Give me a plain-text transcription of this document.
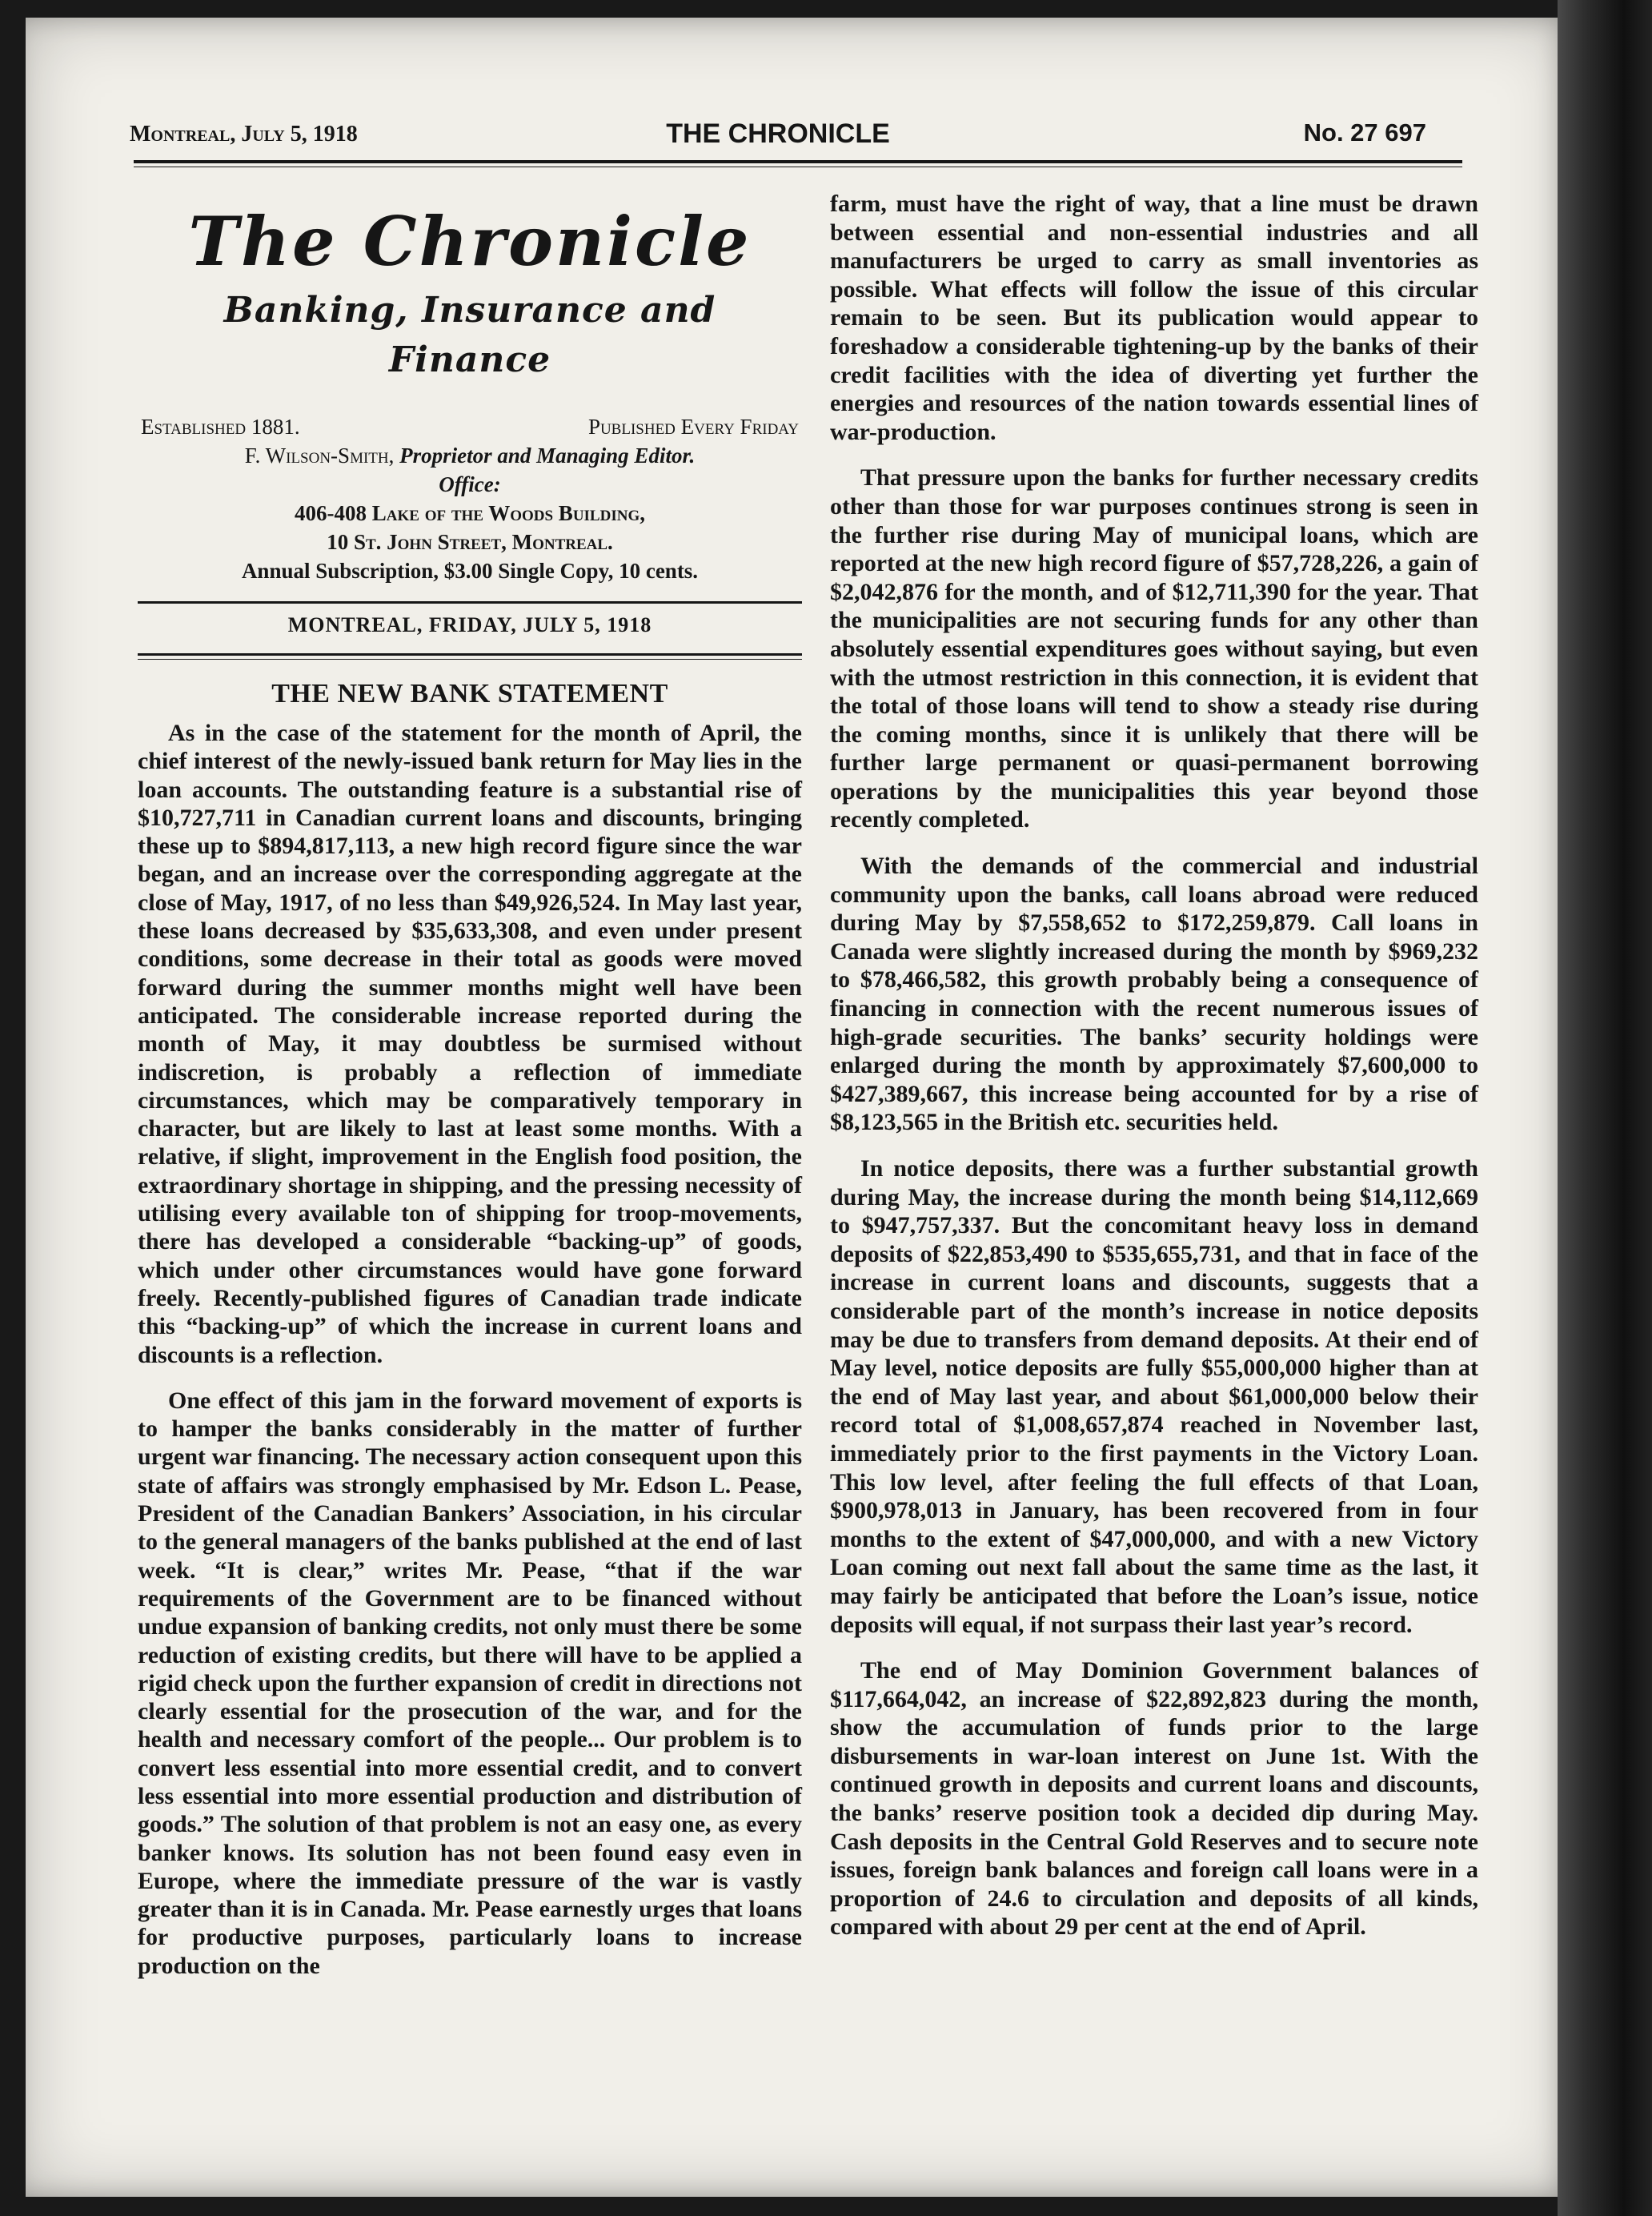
Montreal, July 5, 1918	THE CHRONICLE	No. 27 697
The Chronicle
Banking, Insurance and Finance
Established 1881.	Published Every Friday
F. Wilson-Smith, Proprietor and Managing Editor.
Office:
406-408 Lake of the Woods Building,
10 St. John Street, Montreal.
Annual Subscription, $3.00 Single Copy, 10 cents.
MONTREAL, FRIDAY, JULY 5, 1918
THE NEW BANK STATEMENT

As in the case of the statement for the month of April, the chief interest of the newly-issued bank return for May lies in the loan accounts. The outstanding feature is a substantial rise of $10,727,711 in Canadian current loans and discounts, bringing these up to $894,817,113, a new high record figure since the war began, and an increase over the corresponding aggregate at the close of May, 1917, of no less than $49,926,524. In May last year, these loans decreased by $35,633,308, and even under present conditions, some decrease in their total as goods were moved forward during the summer months might well have been anticipated. The considerable increase reported during the month of May, it may doubtless be surmised without indiscretion, is probably a reflection of immediate circumstances, which may be comparatively temporary in character, but are likely to last at least some months. With a relative, if slight, improvement in the English food position, the extraordinary shortage in shipping, and the pressing necessity of utilising every available ton of shipping for troop-movements, there has developed a considerable “backing-up” of goods, which under other circumstances would have gone forward freely. Recently-published figures of Canadian trade indicate this “backing-up” of which the increase in current loans and discounts is a reflection.

One effect of this jam in the forward movement of exports is to hamper the banks considerably in the matter of further urgent war financing. The necessary action consequent upon this state of affairs was strongly emphasised by Mr. Edson L. Pease, President of the Canadian Bankers’ Association, in his circular to the general managers of the banks published at the end of last week. “It is clear,” writes Mr. Pease, “that if the war requirements of the Government are to be financed without undue expansion of banking credits, not only must there be some reduction of existing credits, but there will have to be applied a rigid check upon the further expansion of credit in directions not clearly essential for the prosecution of the war, and for the health and necessary comfort of the people... Our problem is to convert less essential into more essential credit, and to convert less essential into more essential production and distribution of goods.” The solution of that problem is not an easy one, as every banker knows. Its solution has not been found easy even in Europe, where the immediate pressure of the war is vastly greater than it is in Canada. Mr. Pease earnestly urges that loans for productive purposes, particularly loans to increase production on the

farm, must have the right of way, that a line must be drawn between essential and non-essential industries and all manufacturers be urged to carry as small inventories as possible. What effects will follow the issue of this circular remain to be seen. But its publication would appear to foreshadow a considerable tightening-up by the banks of their credit facilities with the idea of diverting yet further the energies and resources of the nation towards essential lines of war-production.

That pressure upon the banks for further necessary credits other than those for war purposes continues strong is seen in the further rise during May of municipal loans, which are reported at the new high record figure of $57,728,226, a gain of $2,042,876 for the month, and of $12,711,390 for the year. That the municipalities are not securing funds for any other than absolutely essential expenditures goes without saying, but even with the utmost restriction in this connection, it is evident that the total of those loans will tend to show a steady rise during the coming months, since it is unlikely that there will be further large permanent or quasi-permanent borrowing operations by the municipalities this year beyond those recently completed.

With the demands of the commercial and industrial community upon the banks, call loans abroad were reduced during May by $7,558,652 to $172,259,879. Call loans in Canada were slightly increased during the month by $969,232 to $78,466,582, this growth probably being a consequence of financing in connection with the recent numerous issues of high-grade securities. The banks’ security holdings were enlarged during the month by approximately $7,600,000 to $427,389,667, this increase being accounted for by a rise of $8,123,565 in the British etc. securities held.

In notice deposits, there was a further substantial growth during May, the increase during the month being $14,112,669 to $947,757,337. But the concomitant heavy loss in demand deposits of $22,853,490 to $535,655,731, and that in face of the increase in current loans and discounts, suggests that a considerable part of the month’s increase in notice deposits may be due to transfers from demand deposits. At their end of May level, notice deposits are fully $55,000,000 higher than at the end of May last year, and about $61,000,000 below their record total of $1,008,657,874 reached in November last, immediately prior to the first payments in the Victory Loan. This low level, after feeling the full effects of that Loan, $900,978,013 in January, has been recovered from in four months to the extent of $47,000,000, and with a new Victory Loan coming out next fall about the same time as the last, it may fairly be anticipated that before the Loan’s issue, notice deposits will equal, if not surpass their last year’s record.

The end of May Dominion Government balances of $117,664,042, an increase of $22,892,823 during the month, show the accumulation of funds prior to the large disbursements in war-loan interest on June 1st. With the continued growth in deposits and current loans and discounts, the banks’ reserve position took a decided dip during May. Cash deposits in the Central Gold Reserves and to secure note issues, foreign bank balances and foreign call loans were in a proportion of 24.6 to circulation and deposits of all kinds, compared with about 29 per cent at the end of April.
